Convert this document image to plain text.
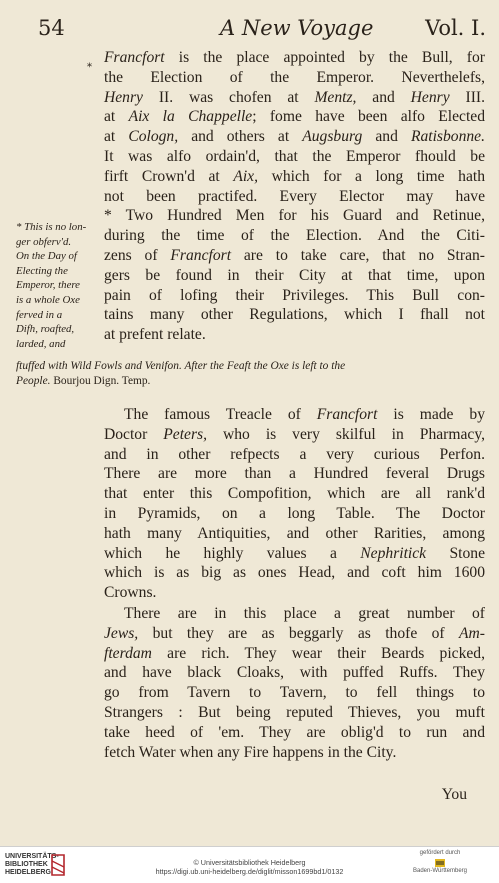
54	A New Voyage Vol. I.
*
Francfort is the place appointed by the Bull, for
the Election of the Emperor. Neverthelefs,
Henry II. was chofen at Mentz, and Henry III.
at Aix la Chappelle; fome have been alfo Elected
at Cologn, and others at Augsburg and Ratisbonne.
It was alfo ordain'd, that the Emperor fhould be
firft Crown'd at Aix, which for a long time hath
not been practifed. Every Elector may have
* Two Hundred Men for his Guard and Retinue,
during the time of the Election. And the Citi-
zens of Francfort are to take care, that no Stran-
gers be found in their City at that time, upon
pain of lofing their Privileges. This Bull con-
tains many other Regulations, which I fhall not
at prefent relate.
* This is no lon-
ger obferv'd.
On the Day of
Electing the
Emperor, there
is a whole Oxe
ferved in a
Difh, roafted,
larded, and
ftuffed with Wild Fowls and Venifon. After the Feaft the Oxe is left to the
People. Bourjou Dign. Temp.
The famous Treacle of Francfort is made by
Doctor Peters, who is very skilful in Pharmacy,
and in other refpects a very curious Perfon.
There are more than a Hundred feveral Drugs
that enter this Compofition, which are all rank'd
in Pyramids, on a long Table. The Doctor
hath many Antiquities, and other Rarities, among
which he highly values a Nephritick Stone
which is as big as ones Head, and coft him 1600
Crowns.
There are in this place a great number of
Jews, but they are as beggarly as thofe of Am-
fterdam are rich. They wear their Beards picked,
and have black Cloaks, with puffed Ruffs. They
go from Tavern to Tavern, to fell things to
Strangers : But being reputed Thieves, you muft
take heed of 'em. They are oblig'd to run and
fetch Water when any Fire happens in the City.
You
UNIVERSITÄTS-
BIBLIOTHEK
HEIDELBERG
© Universitätsbibliothek Heidelberg
https://digi.ub.uni-heidelberg.de/diglit/misson1699bd1/0132
gefördert durch
Baden-Württemberg
